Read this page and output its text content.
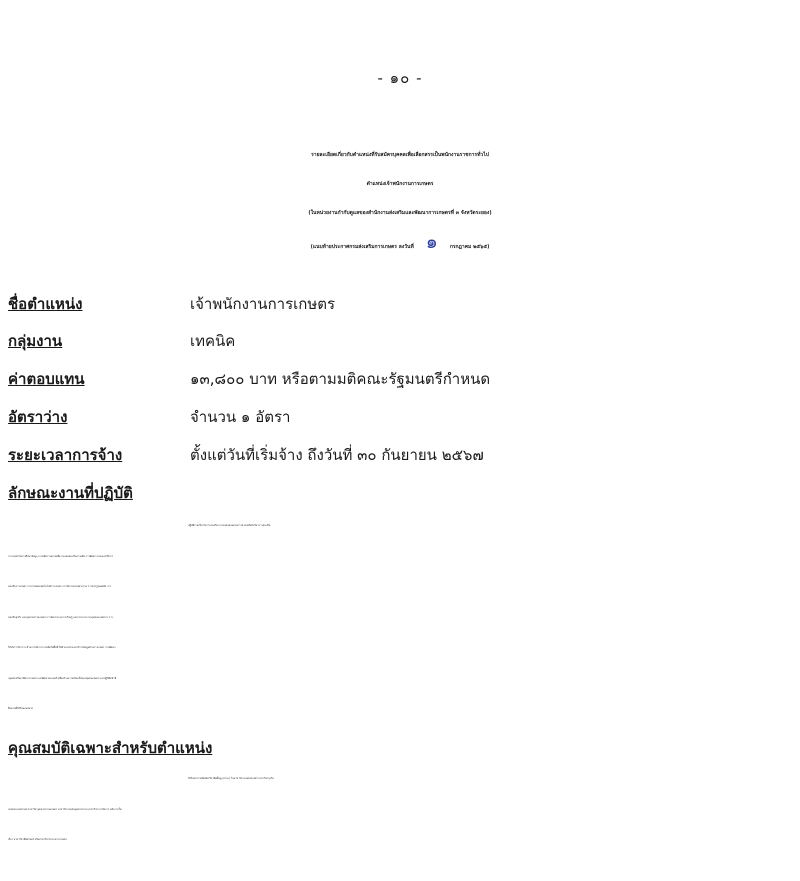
- ๑๐ -
รายละเอียดเกี่ยวกับตำแหน่งที่รับสมัครบุคคลเพื่อเลือกสรรเป็นพนักงานราชการทั่วไป
ตำแหน่งเจ้าพนักงานการเกษตร
(ในหน่วยงานกำกับดูแลของสำนักงานส่งเสริมและพัฒนาการเกษตรที่ ๓ จังหวัดระยอง)
(แนบท้ายประกาศกรมส่งเสริมการเกษตร ลงวันที่ ๑ กรกฎาคม ๒๕๖๕)
ชื่อตำแหน่ง	เจ้าพนักงานการเกษตร
กลุ่มงาน	เทคนิค
ค่าตอบแทน	๑๓,๘๐๐ บาท หรือตามมติคณะรัฐมนตรีกำหนด
อัตราว่าง	จำนวน ๑ อัตรา
ระยะเวลาการจ้าง	ตั้งแต่วันที่เริ่มจ้าง ถึงวันที่ ๓๐ กันยายน ๒๕๖๗
ลักษณะงานที่ปฏิบัติ
ปฏิบัติงานเกี่ยวกับการส่งเสริมการเกษตรตลอดจนการช่วยเหลือนักวิชาการส่งเสริม
การเกษตรในการศึกษาข้อมูล การผลิตการตลาดเพื่อวางแผนส่งเสริมการผลิต การพัฒนาระบบและวิธีการ
ส่งเสริมการเกษตร การถ่ายทอดเทคโนโลยีการเกษตร การจัดระบบเกษตรกรรม การแปรรูปผลผลิต การ
ส่งเสริมธุรกิจ และอุตสาหกรรมเกษตร การจัดกระบวนการเรียนรู้ และกระบวนการกลุ่มของเกษตรกร การ
ให้บริการวิชาการ ด้านการจัดการการผลิตในพื้นที่ ให้คำแนะนำและบริการข้อมูลด้านการเกษตร การพัฒนา
กลุ่มส่งเสริมอาชีพการเกษตร และพัฒนาครอบครัวเพื่อสร้างความเข้มแข็งของชุมชนเกษตร และปฏิบัติหน้าที่
อื่นตามที่ได้รับมอบหมาย
คุณสมบัติเฉพาะสำหรับตำแหน่ง
ได้รับประกาศนียบัตรวิชาชีพชั้นสูง (ปวส.) ในสาขาวิชาเกษตรศาสตร์ สาขาวิชาธุรกิจ
เกษตรและสหกรณ์ สาขาวิชาอุตสาหกรรมเกษตร สาขาวิชาเกษตรอุตสาหกรรม สาขาวิชาการจัดการ หลังการเก็บ
เกี่ยว สาขาวิชาพืชศาสตร์ หรือสาขาวิชาช่างกลการเกษตร
